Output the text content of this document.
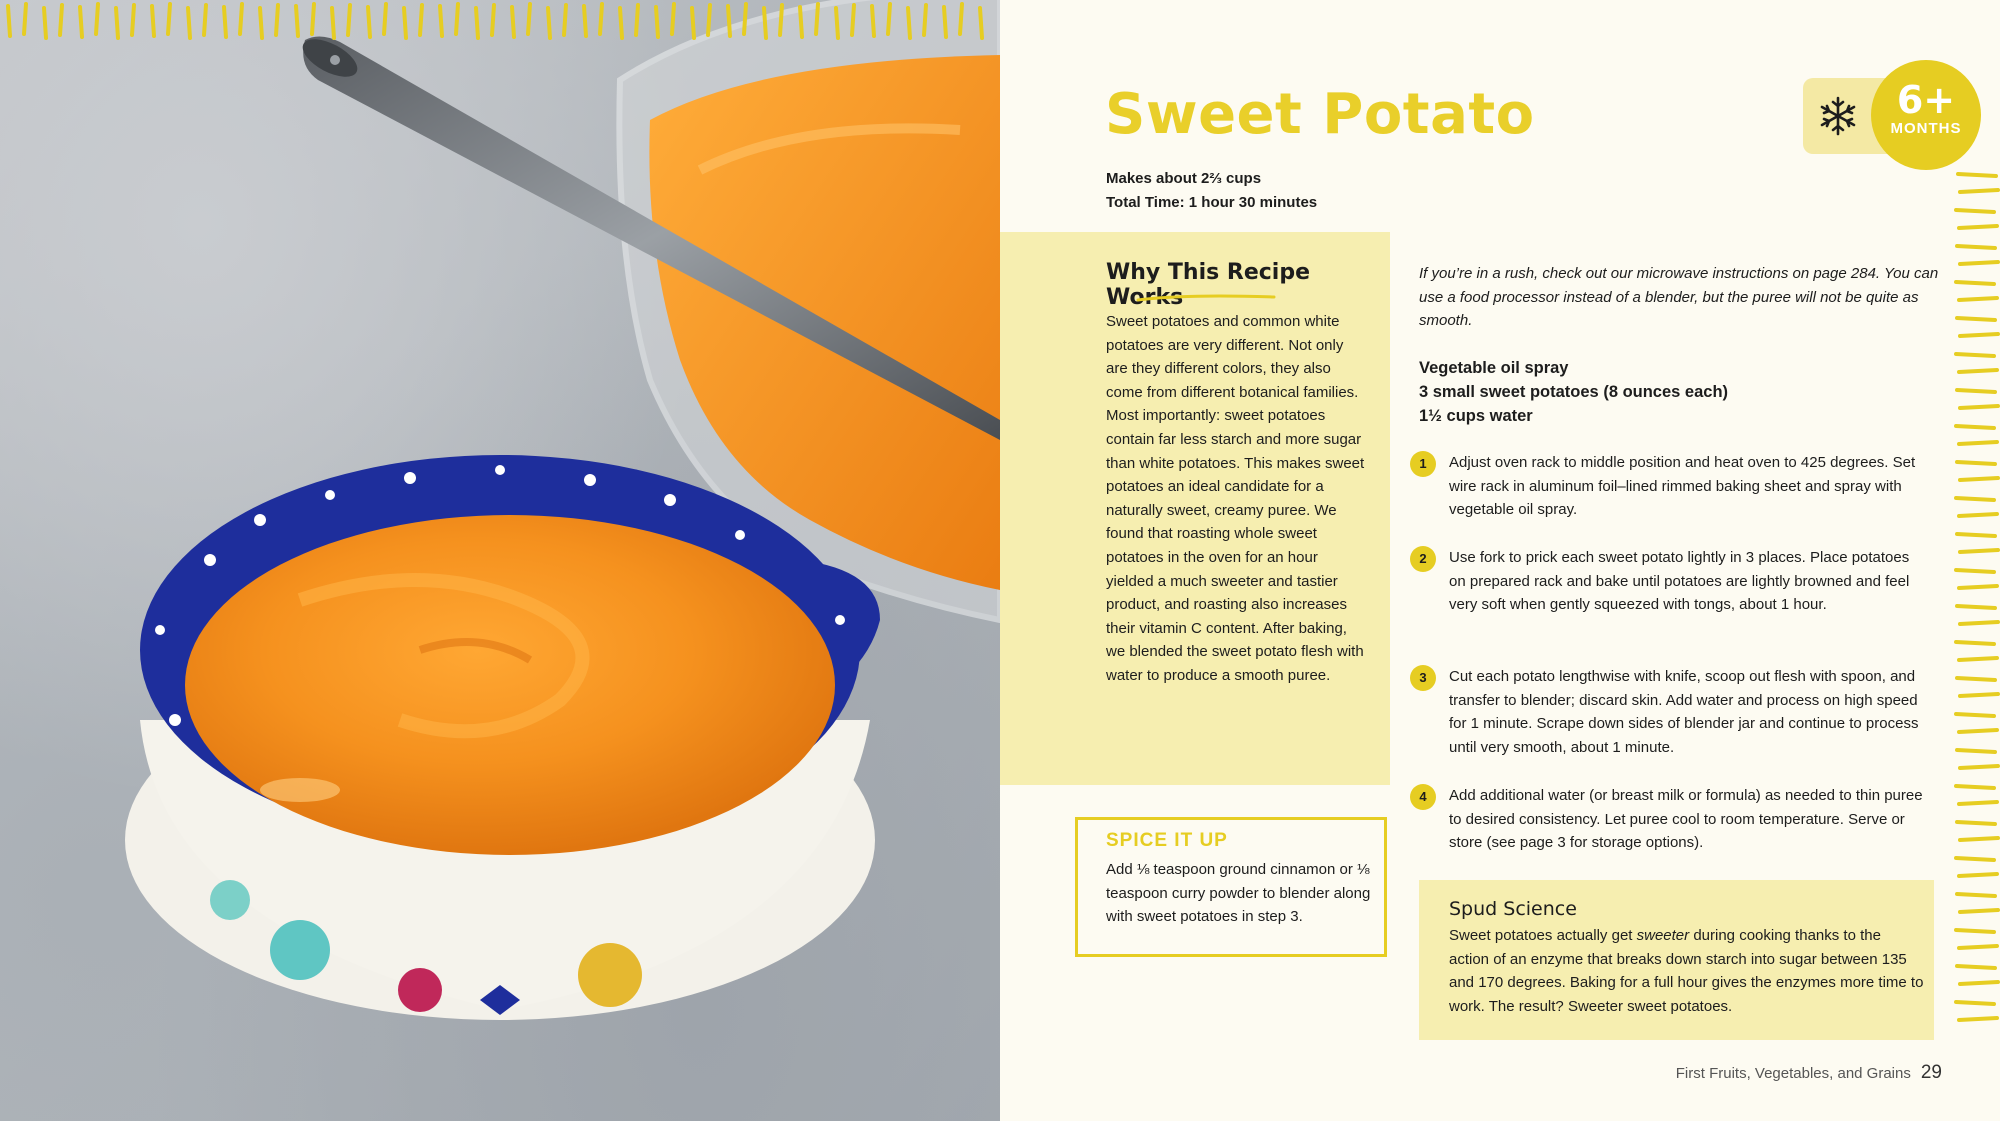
Sweet Potato
Makes about 2⅔ cups
Total Time: 1 hour 30 minutes
6+
MONTHS
Why This Recipe Works

Sweet potatoes and common white potatoes are very different. Not only are they different colors, they also come from different botanical families. Most importantly: sweet potatoes contain far less starch and more sugar than white potatoes. This makes sweet potatoes an ideal candidate for a naturally sweet, creamy puree. We found that roasting whole sweet potatoes in the oven for an hour yielded a much sweeter and tastier product, and roasting also increases their vitamin C content. After baking, we blended the sweet potato flesh with water to produce a smooth puree.

SPICE IT UP

Add ⅛ teaspoon ground cinnamon or ⅛ teaspoon curry powder to blender along with sweet potatoes in step 3.

If you’re in a rush, check out our microwave instructions on page 284. You can use a food processor instead of a blender, but the puree will not be quite as smooth.

Vegetable oil spray
3 small sweet potatoes (8 ounces each)
1½ cups water
1	Adjust oven rack to middle position and heat oven to 425 degrees. Set wire rack in aluminum foil–lined rimmed baking sheet and spray with vegetable oil spray.

2	Use fork to prick each sweet potato lightly in 3 places. Place potatoes on prepared rack and bake until potatoes are lightly browned and feel very soft when gently squeezed with tongs, about 1 hour.

3	Cut each potato lengthwise with knife, scoop out flesh with spoon, and transfer to blender; discard skin. Add water and process on high speed for 1 minute. Scrape down sides of blender jar and continue to process until very smooth, about 1 minute.

4	Add additional water (or breast milk or formula) as needed to thin puree to desired consistency. Let puree cool to room temperature. Serve or store (see page 3 for storage options).

Spud Science

Sweet potatoes actually get sweeter during cooking thanks to the action of an enzyme that breaks down starch into sugar between 135 and 170 degrees. Baking for a full hour gives the enzymes more time to work. The result? Sweeter sweet potatoes.

First Fruits, Vegetables, and Grains 29
